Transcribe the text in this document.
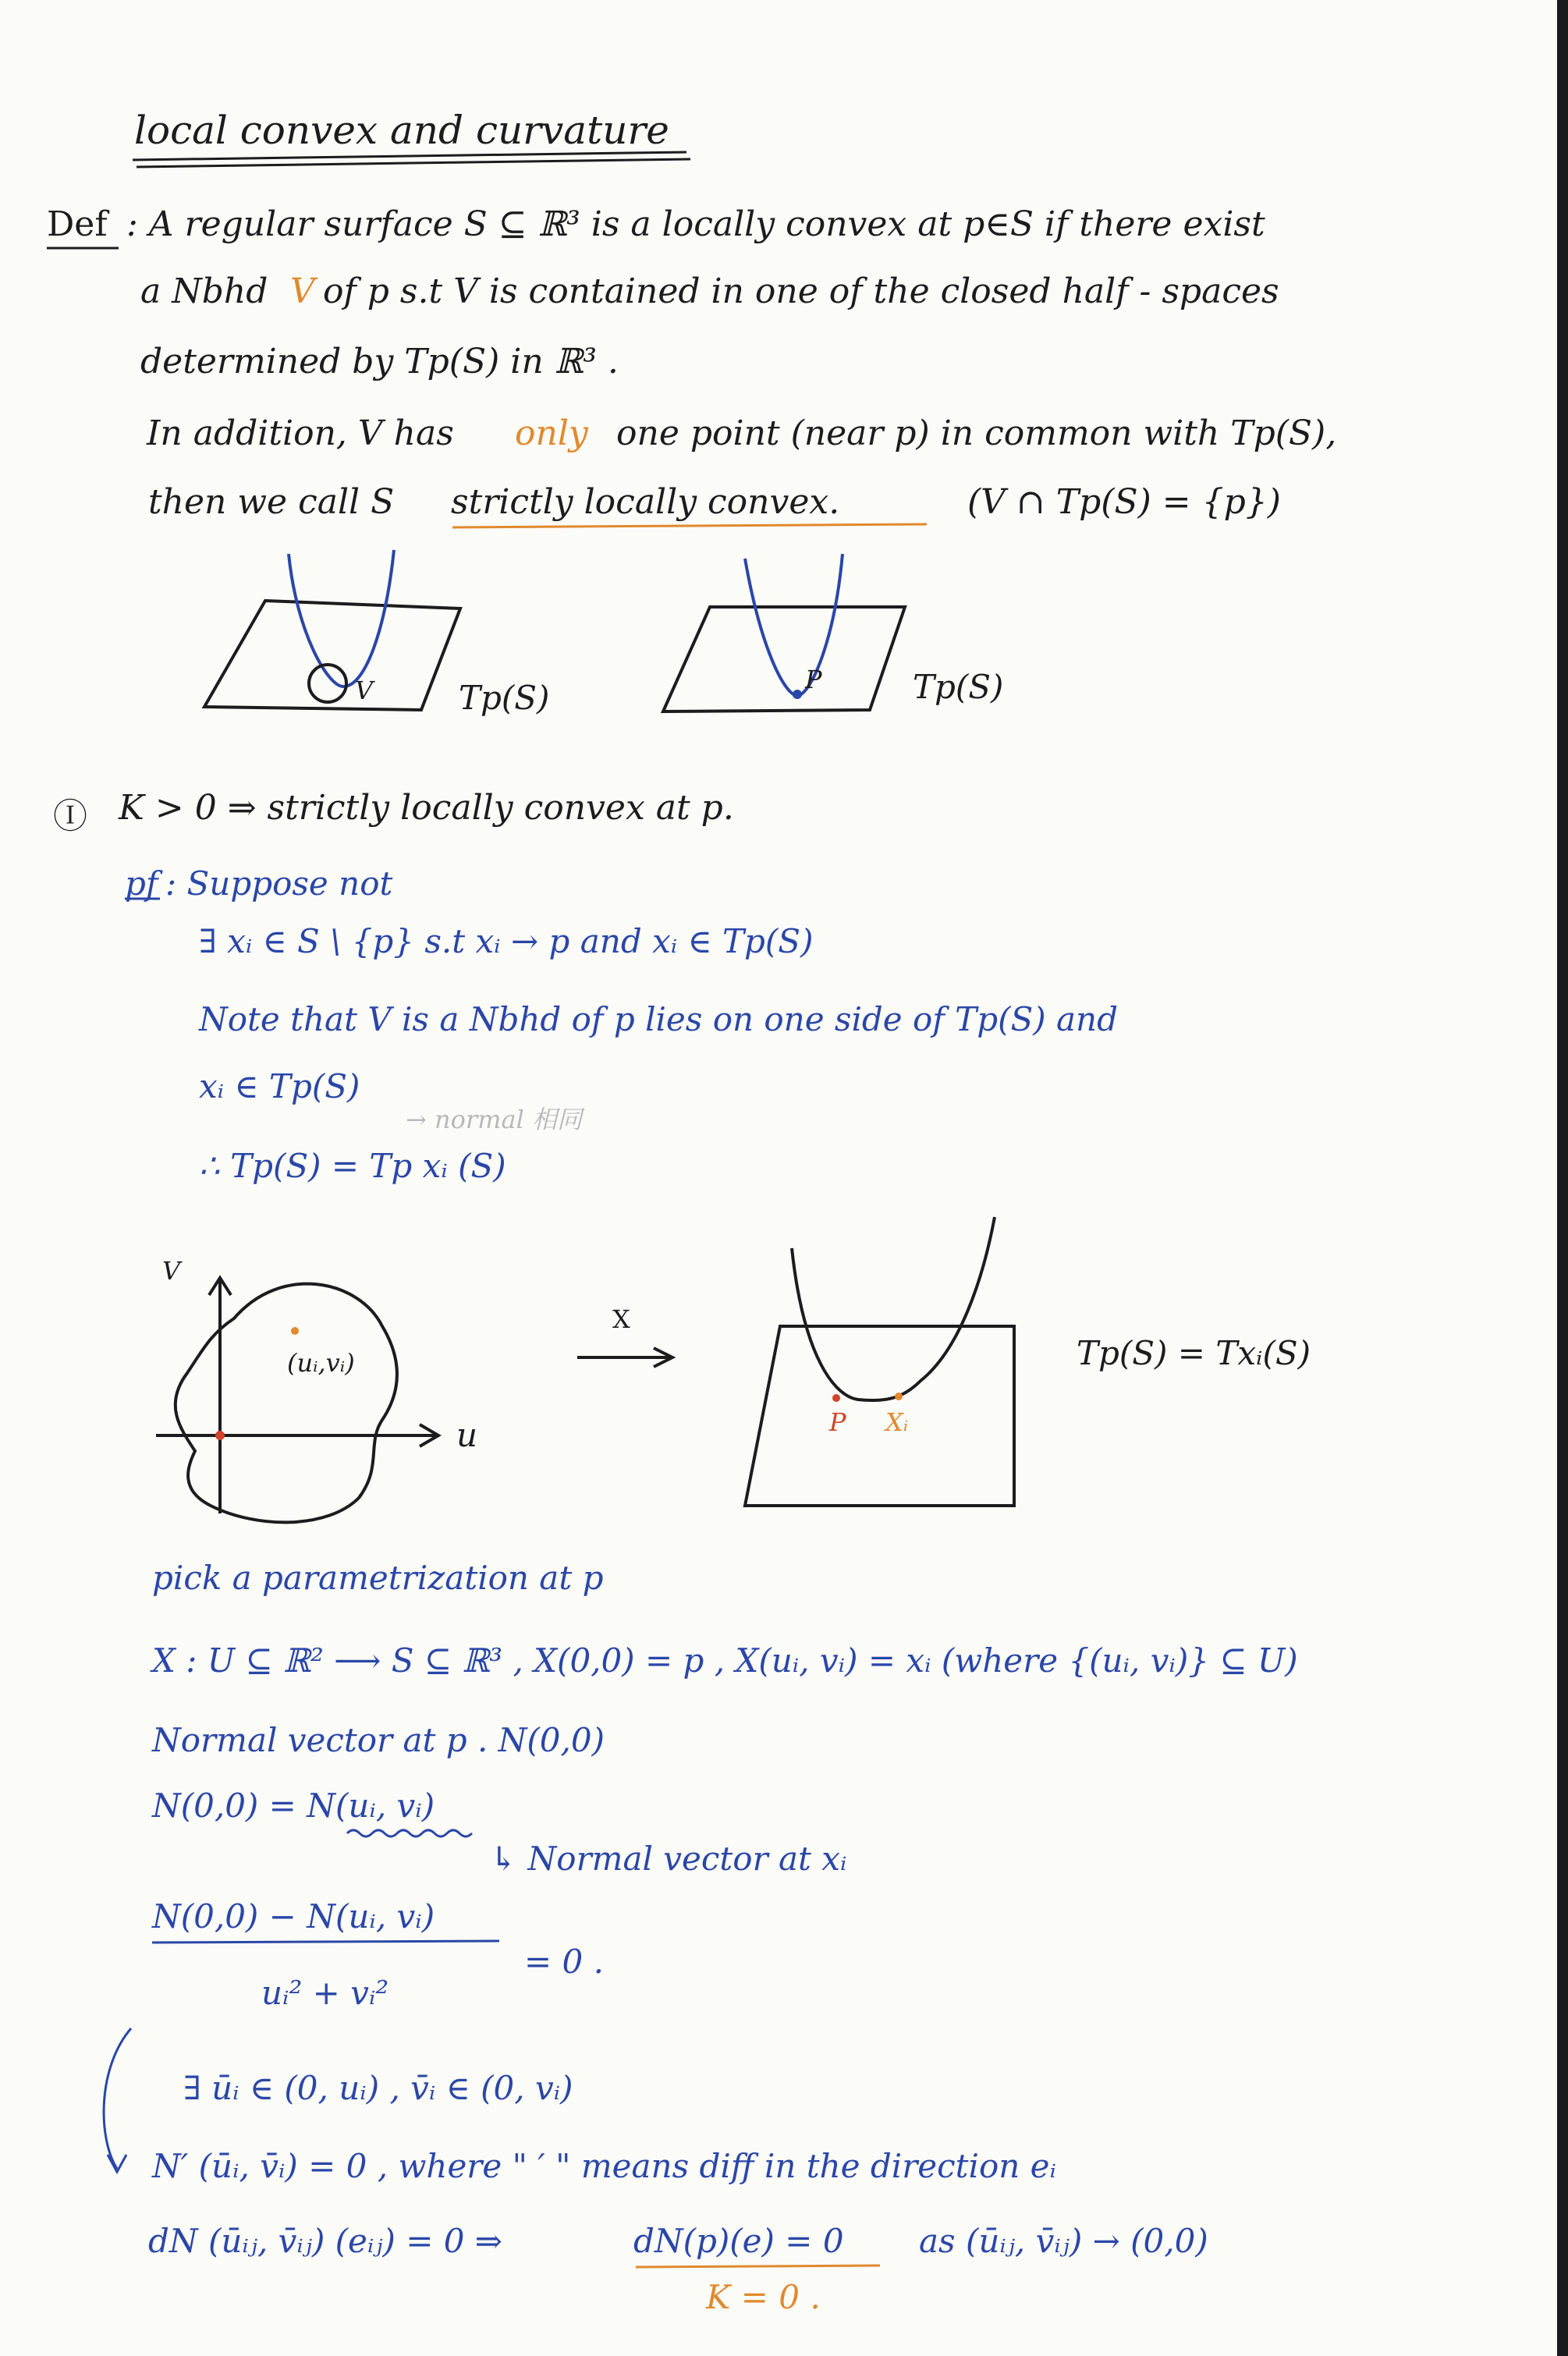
local convex and curvature
Def : A regular surface S ⊆ ℝ³ is a locally convex at p∈S if there exist
a Nbhd V of p s.t V is contained in one of the closed half - spaces
determined by Tp(S) in ℝ³ .
In addition, V has only one point (near p) in common with Tp(S),
then we call S strictly locally convex.	(V ∩ Tp(S) = {p})
V	Tp(S)	P	Tp(S)
Ⓘ K > 0 ⇒ strictly locally convex at p.
pf : Suppose not
∃ xᵢ ∈ S \ {p} s.t xᵢ → p and xᵢ ∈ Tp(S)
Note that V is a Nbhd of p lies on one side of Tp(S) and
xᵢ ∈ Tp(S)
→ normal 相同
∴ Tp(S) = Tp xᵢ (S)
V
u
(uᵢ,vᵢ)
X
P Xᵢ
Tp(S) = Txᵢ(S)
pick a parametrization at p
X : U ⊆ ℝ² ⟶ S ⊆ ℝ³ , X(0,0) = p , X(uᵢ, vᵢ) = xᵢ (where {(uᵢ, vᵢ)} ⊆ U)
Normal vector at p . N(0,0)
N(0,0) = N(uᵢ, vᵢ)
↳ Normal vector at xᵢ
N(0,0) − N(uᵢ, vᵢ)
uᵢ² + vᵢ²
= 0 .
∃ ūᵢ ∈ (0, uᵢ) , v̄ᵢ ∈ (0, vᵢ)
N′ (ūᵢ, v̄ᵢ) = 0 , where " ′ " means diff in the direction eᵢ
dN (ūᵢⱼ, v̄ᵢⱼ) (eᵢⱼ) = 0 ⇒	dN(p)(e) = 0 as (ūᵢⱼ, v̄ᵢⱼ) → (0,0)
K = 0 .
